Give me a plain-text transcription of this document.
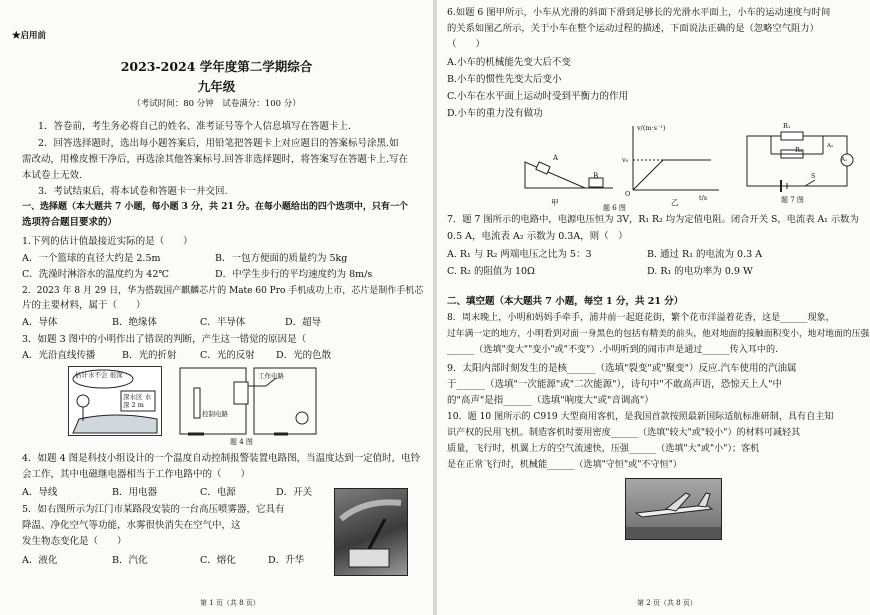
★启用前
2023-2024 学年度第二学期综合
九年级
（考试时间：80 分钟　试卷满分：100 分）
1．答卷前，考生务必将自己的姓名、准考证号等个人信息填写在答题卡上.
2．回答选择题时，选出每小题答案后，用铅笔把答题卡上对应题目的答案标号涂黑.如
需改动，用橡皮擦干净后，再选涂其他答案标号.回答非选择题时，将答案写在答题卡上.写在
本试卷上无效.
3．考试结束后，将本试卷和答题卡一并交回.
一、选择题（本大题共 7 小题，每小题 3 分，共 21 分。在每小题给出的四个选项中，只有一个
选项符合题目要求的）
1.下列的估计值最接近实际的是（　　）
A．一个篮球的直径大约是 2.5m	B．一包方便面的质量约为 5kg
C．洗澡时淋浴水的温度约为 42℃	D．中学生步行的平均速度约为 8m/s
2．2023 年 8 月 29 日，华为搭载国产麒麟芯片的 Mate 60 Pro 手机成功上市，芯片是制作手机芯
片的主要材料，属于（　　）
A．导体	B．绝缘体	C．半导体	D．超导
3．如题 3 图中的小明作出了错误的判断，产生这一错觉的原因是（
A．光沿直线传播	B．光的折射 C．光的反射 D．光的色散
估计水不会 很深
深水区 水深 2 m
工作电路
控制电路
题 4 图
4．如题 4 图是科技小组设计的一个温度自动控制报警装置电路图，当温度达到一定值时，电铃
会工作，其中电磁继电器相当于工作电路中的（　　）
A．导线	B．用电器	C．电源	D．开关
5．如右图所示为江门市某路段安装的一台高压喷雾器，它具有
降温、净化空气等功能，水雾很快消失在空气中，这
发生物态变化是（　　）
A．液化	B．汽化	C．熔化	D．升华
第 1 页（共 8 页）
6.如题 6 图甲所示，小车从光滑的斜面下滑到足够长的光滑水平面上，小车的运动速度与时间
的关系如图乙所示，关于小车在整个运动过程的描述，下面说法正确的是（忽略空气阻力）
（　　）
A.小车的机械能先变大后不变
B.小车的惯性先变大后变小
C.小车在水平面上运动时受到平衡力的作用
D.小车的重力没有做功
A
B
v/(m·s⁻¹)
v₀
t/s
O
甲	乙
题 6 图
R₁
R₂
A₁
A₂
S
题 7 图
7．题 7 图所示的电路中，电源电压恒为 3V，R₁ R₂ 均为定值电阻。闭合开关 S，电流表 A₁ 示数为
0.5 A，电流表 A₂ 示数为 0.3A，则（　）
A. R₁ 与 R₂ 两端电压之比为 5：3	B. 通过 R₁ 的电流为 0.3 A
C. R₂ 的阻值为 10Ω	D. R₁ 的电功率为 0.9 W
二、填空题（本大题共 7 小题，每空 1 分，共 21 分）
8．周末晚上，小明和妈妈手牵手，浦井前一起逛花街，繁个花市洋溢着花香，这是______现象，
过年满一定的地方，小明看到对面一身黑色的包括有精美的前头，他对地面的接触面积变小，地对地面的压强
______（选填"变大""变小"或"不变"）.小明听到的闹市声是通过______传入耳中的.
9．太阳内部时刻发生的是核______（选填"裂变"或"聚变"）反应.汽车使用的汽油属
于______（选填"一次能源"或"二次能源"），诗句中"不敢高声语，恐惊天上人"中
的"高声"是指______（选填"响度大"或"音调高"）
10．题 10 图所示的 C919 大型商用客机，是我国首款按照最新国际适航标准研制，具有自主知
识产权的民用飞机。制造客机时要用密度______（选填"较大"或"较小"）的材料可减轻其
质量，飞行时，机翼上方的空气流速快，压强______（选填"大"或"小"）；客机
是在正常飞行时，机械能______（选填"守恒"或"不守恒"）
第 2 页（共 8 页）
